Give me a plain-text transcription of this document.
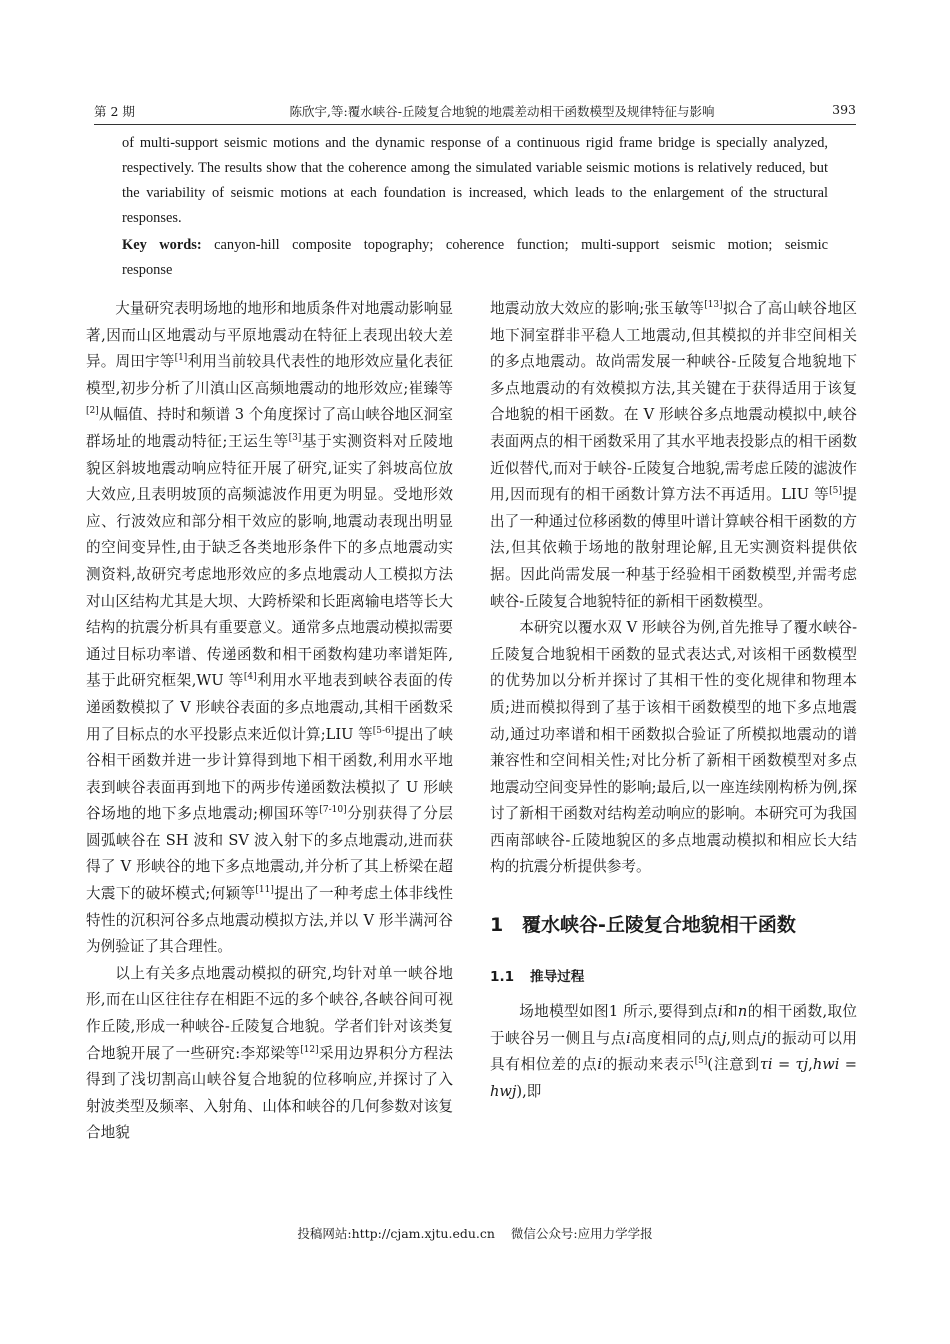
第 2 期	陈欣宇,等:覆水峡谷-丘陵复合地貌的地震差动相干函数模型及规律特征与影响	393
of multi-support seismic motions and the dynamic response of a continuous rigid frame bridge is specially analyzed, respectively. The results show that the coherence among the simulated variable seismic motions is relatively reduced, but the variability of seismic motions at each foundation is increased, which leads to the enlargement of the structural responses.
Key words: canyon-hill composite topography; coherence function; multi-support seismic motion; seismic response

大量研究表明场地的地形和地质条件对地震动影响显著,因而山区地震动与平原地震动在特征上表现出较大差异。周田宇等[1]利用当前较具代表性的地形效应量化表征模型,初步分析了川滇山区高频地震动的地形效应;崔臻等[2]从幅值、持时和频谱 3 个角度探讨了高山峡谷地区洞室群场址的地震动特征;王运生等[3]基于实测资料对丘陵地貌区斜坡地震动响应特征开展了研究,证实了斜坡高位放大效应,且表明坡顶的高频滤波作用更为明显。受地形效应、行波效应和部分相干效应的影响,地震动表现出明显的空间变异性,由于缺乏各类地形条件下的多点地震动实测资料,故研究考虑地形效应的多点地震动人工模拟方法对山区结构尤其是大坝、大跨桥梁和长距离输电塔等长大结构的抗震分析具有重要意义。通常多点地震动模拟需要通过目标功率谱、传递函数和相干函数构建功率谱矩阵,基于此研究框架,WU 等[4]利用水平地表到峡谷表面的传递函数模拟了 V 形峡谷表面的多点地震动,其相干函数采用了目标点的水平投影点来近似计算;LIU 等[5-6]提出了峡谷相干函数并进一步计算得到地下相干函数,利用水平地表到峡谷表面再到地下的两步传递函数法模拟了 U 形峡谷场地的地下多点地震动;柳国环等[7-10]分别获得了分层圆弧峡谷在 SH 波和 SV 波入射下的多点地震动,进而获得了 V 形峡谷的地下多点地震动,并分析了其上桥梁在超大震下的破坏模式;何颖等[11]提出了一种考虑土体非线性特性的沉积河谷多点地震动模拟方法,并以 V 形半满河谷为例验证了其合理性。

以上有关多点地震动模拟的研究,均针对单一峡谷地形,而在山区往往存在相距不远的多个峡谷,各峡谷间可视作丘陵,形成一种峡谷-丘陵复合地貌。学者们针对该类复合地貌开展了一些研究:李郑梁等[12]采用边界积分方程法得到了浅切割高山峡谷复合地貌的位移响应,并探讨了入射波类型及频率、入射角、山体和峡谷的几何参数对该复合地貌

地震动放大效应的影响;张玉敏等[13]拟合了高山峡谷地区地下洞室群非平稳人工地震动,但其模拟的并非空间相关的多点地震动。故尚需发展一种峡谷-丘陵复合地貌地下多点地震动的有效模拟方法,其关键在于获得适用于该复合地貌的相干函数。在 V 形峡谷多点地震动模拟中,峡谷表面两点的相干函数采用了其水平地表投影点的相干函数近似替代,而对于峡谷-丘陵复合地貌,需考虑丘陵的滤波作用,因而现有的相干函数计算方法不再适用。LIU 等[5]提出了一种通过位移函数的傅里叶谱计算峡谷相干函数的方法,但其依赖于场地的散射理论解,且无实测资料提供依据。因此尚需发展一种基于经验相干函数模型,并需考虑峡谷-丘陵复合地貌特征的新相干函数模型。

本研究以覆水双 V 形峡谷为例,首先推导了覆水峡谷-丘陵复合地貌相干函数的显式表达式,对该相干函数模型的优势加以分析并探讨了其相干性的变化规律和物理本质;进而模拟得到了基于该相干函数模型的地下多点地震动,通过功率谱和相干函数拟合验证了所模拟地震动的谱兼容性和空间相关性;对比分析了新相干函数模型对多点地震动空间变异性的影响;最后,以一座连续刚构桥为例,探讨了新相干函数对结构差动响应的影响。本研究可为我国西南部峡谷-丘陵地貌区的多点地震动模拟和相应长大结构的抗震分析提供参考。

1 覆水峡谷-丘陵复合地貌相干函数
1.1 推导过程

场地模型如图1 所示,要得到点i和n的相干函数,取位于峡谷另一侧且与点i高度相同的点j,则点j的振动可以用具有相位差的点i的振动来表示[5](注意到τi = τj,hwi = hwj),即

投稿网站:http://cjam.xjtu.edu.cn 微信公众号:应用力学学报
